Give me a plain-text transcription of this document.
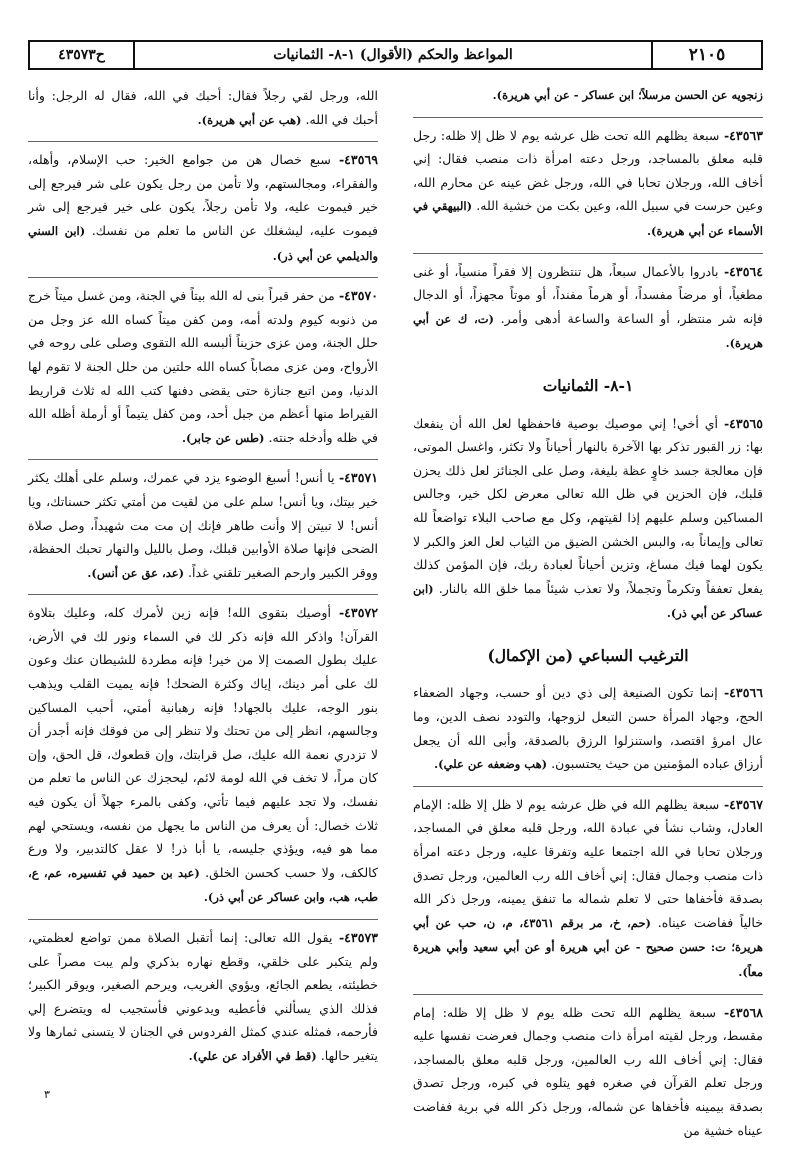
٢١٠٥
المواعظ والحكم (الأقوال) ١-٨- الثمانيات
ح٤٣٥٧٣
زنجويه عن الحسن مرسلاً؛ ابن عساكر - عن أبي هريرة).
٤٣٥٦٣- سبعة يظلهم الله تحت ظل عرشه يوم لا ظل إلا ظله: رجل قلبه معلق بالمساجد، ورجل دعته امرأة ذات منصب فقال: إني أخاف الله، ورجلان تحابا في الله، ورجل غض عينه عن محارم الله، وعين حرست في سبيل الله، وعين بكت من خشية الله. (البيهقي في الأسماء عن أبي هريرة).
٤٣٥٦٤- بادروا بالأعمال سبعاً، هل تنتظرون إلا فقراً منسياً، أو غنى مطغياً، أو مرضاً مفسداً، أو هرماً مفنداً، أو موتاً مجهزاً، أو الدجال فإنه شر منتظر، أو الساعة والساعة أدهى وأمر. (ت، ك عن أبي هريرة).
١-٨- الثمانيات
٤٣٥٦٥- أي أخي! إني موصيك بوصية فاحفظها لعل الله أن ينفعك بها: زر القبور تذكر بها الآخرة بالنهار أحياناً ولا تكثر، واغسل الموتى، فإن معالجة جسد خاوٍ عظة بليغة، وصل على الجنائز لعل ذلك يحزن قلبك، فإن الحزين في ظل الله تعالى معرض لكل خير، وجالس المساكين وسلم عليهم إذا لقيتهم، وكل مع صاحب البلاء تواضعاً لله تعالى وإيماناً به، والبس الخشن الضيق من الثياب لعل العز والكبر لا يكون لهما فيك مساغ، وتزين أحياناً لعبادة ربك، فإن المؤمن كذلك يفعل تعففاً وتكرماً وتجملاً، ولا تعذب شيئاً مما خلق الله بالنار. (ابن عساكر عن أبي ذر).
الترغيب السباعي (من الإكمال)
٤٣٥٦٦- إنما تكون الصنيعة إلى ذي دين أو حسب، وجهاد الضعفاء الحج، وجهاد المرأة حسن التبعل لزوجها، والتودد نصف الدين، وما عال امرؤ اقتصد، واستنزلوا الرزق بالصدقة، وأبى الله أن يجعل أرزاق عباده المؤمنين من حيث يحتسبون. (هب وضعفه عن علي).
٤٣٥٦٧- سبعة يظلهم الله في ظل عرشه يوم لا ظل إلا ظله: الإمام العادل، وشاب نشأ في عبادة الله، ورجل قلبه معلق في المساجد، ورجلان تحابا في الله اجتمعا عليه وتفرقا عليه، ورجل دعته امرأة ذات منصب وجمال فقال: إني أخاف الله رب العالمين، ورجل تصدق بصدقة فأخفاها حتى لا تعلم شماله ما تنفق يمينه، ورجل ذكر الله خالياً ففاضت عيناه. (حم، خ، مر برقم ٤٣٥٦١، م، ن، حب عن أبي هريرة؛ ت: حسن صحيح - عن أبي هريرة أو عن أبي سعيد وأبي هريرة معاً).
٤٣٥٦٨- سبعة يظلهم الله تحت ظله يوم لا ظل إلا ظله: إمام مقسط، ورجل لقيته امرأة ذات منصب وجمال فعرضت نفسها عليه فقال: إني أخاف الله رب العالمين، ورجل قلبه معلق بالمساجد، ورجل تعلم القرآن في صغره فهو يتلوه في كبره، ورجل تصدق بصدقة بيمينه فأخفاها عن شماله، ورجل ذكر الله في برية ففاضت عيناه خشية من
الله، ورجل لقي رجلاً فقال: أحبك في الله، فقال له الرجل: وأنا أحبك في الله. (هب عن أبي هريرة).
٤٣٥٦٩- سبع خصال هن من جوامع الخير: حب الإسلام، وأهله، والفقراء، ومجالستهم، ولا تأمن من رجل يكون على شر فيرجع إلى خير فيموت عليه، ولا تأمن رجلاً، يكون على خير فيرجع إلى شر فيموت عليه، ليشغلك عن الناس ما تعلم من نفسك. (ابن السني والديلمي عن أبي ذر).
٤٣٥٧٠- من حفر قبراً بنى له الله بيتاً في الجنة، ومن غسل ميتاً خرج من ذنوبه كيوم ولدته أمه، ومن كفن ميتاً كساه الله عز وجل من حلل الجنة، ومن عزى حزيناً ألبسه الله التقوى وصلى على روحه في الأرواح، ومن عزى مصاباً كساه الله حلتين من حلل الجنة لا تقوم لها الدنيا، ومن اتبع جنازة حتى يقضى دفنها كتب الله له ثلاث قراريط القيراط منها أعظم من جبل أحد، ومن كفل يتيماً أو أرملة أظله الله في ظله وأدخله جنته. (طس عن جابر).
٤٣٥٧١- يا أنس! أسبغ الوضوء يزد في عمرك، وسلم على أهلك يكثر خير بيتك، ويا أنس! سلم على من لقيت من أمتي تكثر حسناتك، ويا أنس! لا تبيتن إلا وأنت طاهر فإنك إن مت مت شهيداً، وصل صلاة الضحى فإنها صلاة الأوابين قبلك، وصل بالليل والنهار تحبك الحفظة، ووقر الكبير وارحم الصغير تلقني غداً. (عد، عق عن أنس).
٤٣٥٧٢- أوصيك بتقوى الله! فإنه زين لأمرك كله، وعليك بتلاوة القرآن! واذكر الله فإنه ذكر لك في السماء ونور لك في الأرض، عليك بطول الصمت إلا من خير! فإنه مطردة للشيطان عنك وعون لك على أمر دينك، إياك وكثرة الضحك! فإنه يميت القلب ويذهب بنور الوجه، عليك بالجهاد! فإنه رهبانية أمتي، أحبب المساكين وجالسهم، انظر إلى من تحتك ولا تنظر إلى من فوقك فإنه أجدر أن لا تزدري نعمة الله عليك، صل قرابتك، وإن قطعوك، قل الحق، وإن كان مراً، لا تخف في الله لومة لائم، ليحجزك عن الناس ما تعلم من نفسك، ولا تجد عليهم فيما تأتي، وكفى بالمرء جهلاً أن يكون فيه ثلاث خصال: أن يعرف من الناس ما يجهل من نفسه، ويستحي لهم مما هو فيه، ويؤذي جليسه، يا أبا ذر! لا عقل كالتدبير، ولا ورع كالكف، ولا حسب كحسن الخلق. (عبد بن حميد في تفسيره، عم، ع، طب، هب، وابن عساكر عن أبي ذر).
٤٣٥٧٣- يقول الله تعالى: إنما أتقبل الصلاة ممن تواضع لعظمتي، ولم يتكبر على خلقي، وقطع نهاره بذكري ولم يبت مصراً على خطيئته، يطعم الجائع، ويؤوي الغريب، ويرحم الصغير، ويوقر الكبير؛ فذلك الذي يسألني فأعطيه ويدعوني فأستجيب له ويتضرع إلي فأرحمه، فمثله عندي كمثل الفردوس في الجنان لا يتسنى ثمارها ولا يتغير حالها. (قط في الأفراد عن علي).
٣
